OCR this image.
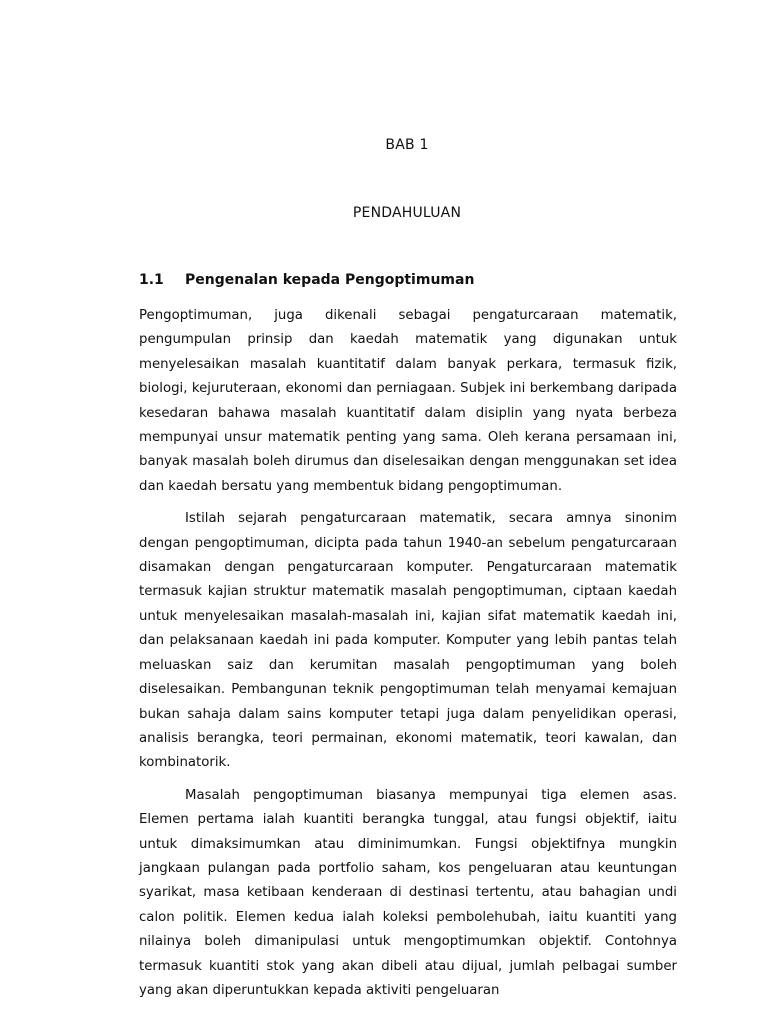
BAB 1
PENDAHULUAN
1.1	Pengenalan kepada Pengoptimuman

Pengoptimuman, juga dikenali sebagai pengaturcaraan matematik, pengumpulan prinsip dan kaedah matematik yang digunakan untuk menyelesaikan masalah kuantitatif dalam banyak perkara, termasuk fizik, biologi, kejuruteraan, ekonomi dan perniagaan. Subjek ini berkembang daripada kesedaran bahawa masalah kuantitatif dalam disiplin yang nyata berbeza mempunyai unsur matematik penting yang sama. Oleh kerana persamaan ini, banyak masalah boleh dirumus dan diselesaikan dengan menggunakan set idea dan kaedah bersatu yang membentuk bidang pengoptimuman.

Istilah sejarah pengaturcaraan matematik, secara amnya sinonim dengan pengoptimuman, dicipta pada tahun 1940-an sebelum pengaturcaraan disamakan dengan pengaturcaraan komputer. Pengaturcaraan matematik termasuk kajian struktur matematik masalah pengoptimuman, ciptaan kaedah untuk menyelesaikan masalah-masalah ini, kajian sifat matematik kaedah ini, dan pelaksanaan kaedah ini pada komputer. Komputer yang lebih pantas telah meluaskan saiz dan kerumitan masalah pengoptimuman yang boleh diselesaikan. Pembangunan teknik pengoptimuman telah menyamai kemajuan bukan sahaja dalam sains komputer tetapi juga dalam penyelidikan operasi, analisis berangka, teori permainan, ekonomi matematik, teori kawalan, dan kombinatorik.

Masalah pengoptimuman biasanya mempunyai tiga elemen asas. Elemen pertama ialah kuantiti berangka tunggal, atau fungsi objektif, iaitu untuk dimaksimumkan atau diminimumkan. Fungsi objektifnya mungkin jangkaan pulangan pada portfolio saham, kos pengeluaran atau keuntungan syarikat, masa ketibaan kenderaan di destinasi tertentu, atau bahagian undi calon politik. Elemen kedua ialah koleksi pembolehubah, iaitu kuantiti yang nilainya boleh dimanipulasi untuk mengoptimumkan objektif. Contohnya termasuk kuantiti stok yang akan dibeli atau dijual, jumlah pelbagai sumber yang akan diperuntukkan kepada aktiviti pengeluaran
